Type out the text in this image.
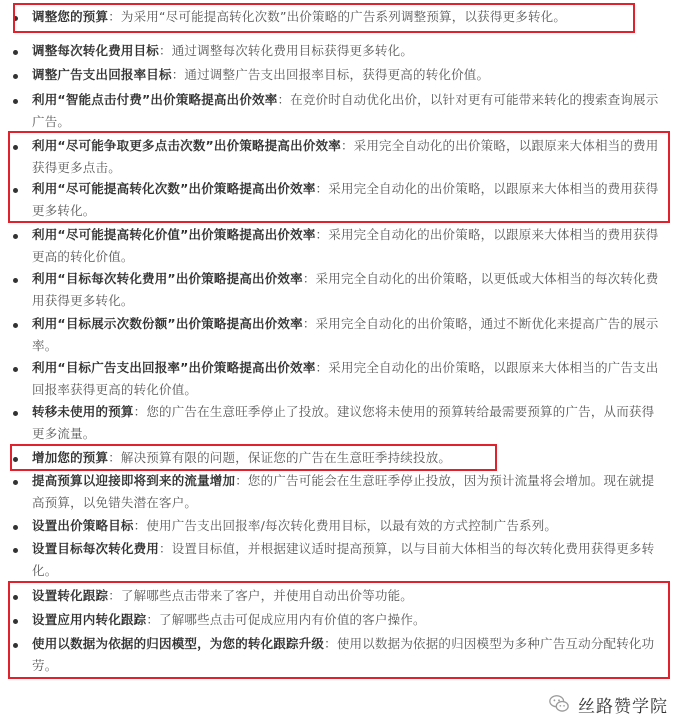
调整您的预算：为采用“尽可能提高转化次数”出价策略的广告系列调整预算，以获得更多转化。
调整每次转化费用目标：通过调整每次转化费用目标获得更多转化。
调整广告支出回报率目标：通过调整广告支出回报率目标，获得更高的转化价值。
利用“智能点击付费”出价策略提高出价效率：在竞价时自动优化出价，以针对更有可能带来转化的搜索查询展示广告。
利用“尽可能争取更多点击次数”出价策略提高出价效率：采用完全自动化的出价策略，以跟原来大体相当的费用获得更多点击。
利用“尽可能提高转化次数”出价策略提高出价效率：采用完全自动化的出价策略，以跟原来大体相当的费用获得更多转化。
利用“尽可能提高转化价值”出价策略提高出价效率：采用完全自动化的出价策略，以跟原来大体相当的费用获得更高的转化价值。
利用“目标每次转化费用”出价策略提高出价效率：采用完全自动化的出价策略，以更低或大体相当的每次转化费用获得更多转化。
利用“目标展示次数份额”出价策略提高出价效率：采用完全自动化的出价策略，通过不断优化来提高广告的展示率。
利用“目标广告支出回报率”出价策略提高出价效率：采用完全自动化的出价策略，以跟原来大体相当的广告支出回报率获得更高的转化价值。
转移未使用的预算：您的广告在生意旺季停止了投放。建议您将未使用的预算转给最需要预算的广告，从而获得更多流量。
增加您的预算：解决预算有限的问题，保证您的广告在生意旺季持续投放。
提高预算以迎接即将到来的流量增加：您的广告可能会在生意旺季停止投放，因为预计流量将会增加。现在就提高预算，以免错失潜在客户。
设置出价策略目标：使用广告支出回报率/每次转化费用目标，以最有效的方式控制广告系列。
设置目标每次转化费用：设置目标值，并根据建议适时提高预算，以与目前大体相当的每次转化费用获得更多转化。
设置转化跟踪：了解哪些点击带来了客户，并使用自动出价等功能。
设置应用内转化跟踪：了解哪些点击可促成应用内有价值的客户操作。
使用以数据为依据的归因模型，为您的转化跟踪升级：使用以数据为依据的归因模型为多种广告互动分配转化功劳。
丝路赞学院
